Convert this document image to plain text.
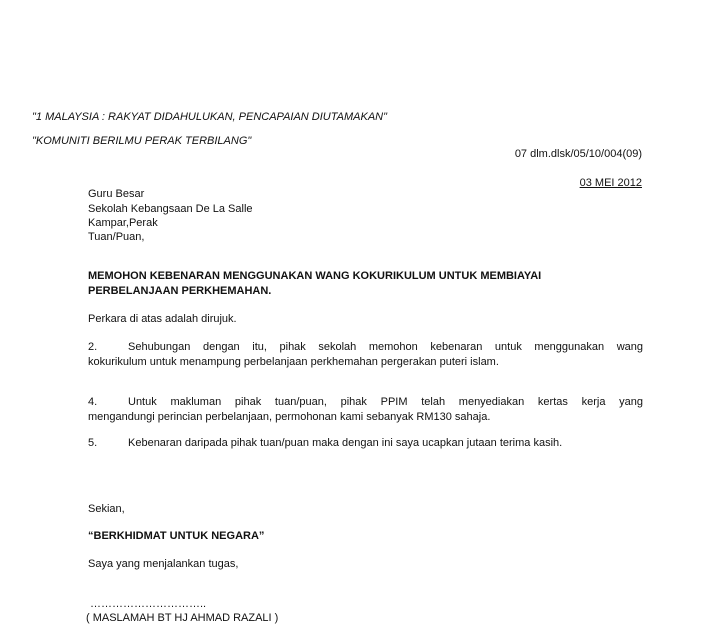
"1 MALAYSIA : RAKYAT DIDAHULUKAN, PENCAPAIAN DIUTAMAKAN"
"KOMUNITI BERILMU PERAK TERBILANG"
07 dlm.dlsk/05/10/004(09)
03 MEI 2012
Guru Besar
Sekolah Kebangsaan De La Salle
Kampar,Perak
Tuan/Puan,
MEMOHON KEBENARAN MENGGUNAKAN WANG KOKURIKULUM UNTUK MEMBIAYAI
PERBELANJAAN PERKHEMAHAN.
Perkara di atas adalah dirujuk.
2.	Sehubungan dengan itu, pihak sekolah memohon kebenaran untuk menggunakan wang
kokurikulum untuk menampung perbelanjaan perkhemahan pergerakan puteri islam.
4.	Untuk makluman pihak tuan/puan, pihak PPIM telah menyediakan kertas kerja yang
mengandungi perincian perbelanjaan, permohonan kami sebanyak RM130 sahaja.
5.	Kebenaran daripada pihak tuan/puan maka dengan ini saya ucapkan jutaan terima kasih.
Sekian,
“BERKHIDMAT UNTUK NEGARA”
Saya yang menjalankan tugas,
…………………………..
( MASLAMAH BT HJ AHMAD RAZALI )
